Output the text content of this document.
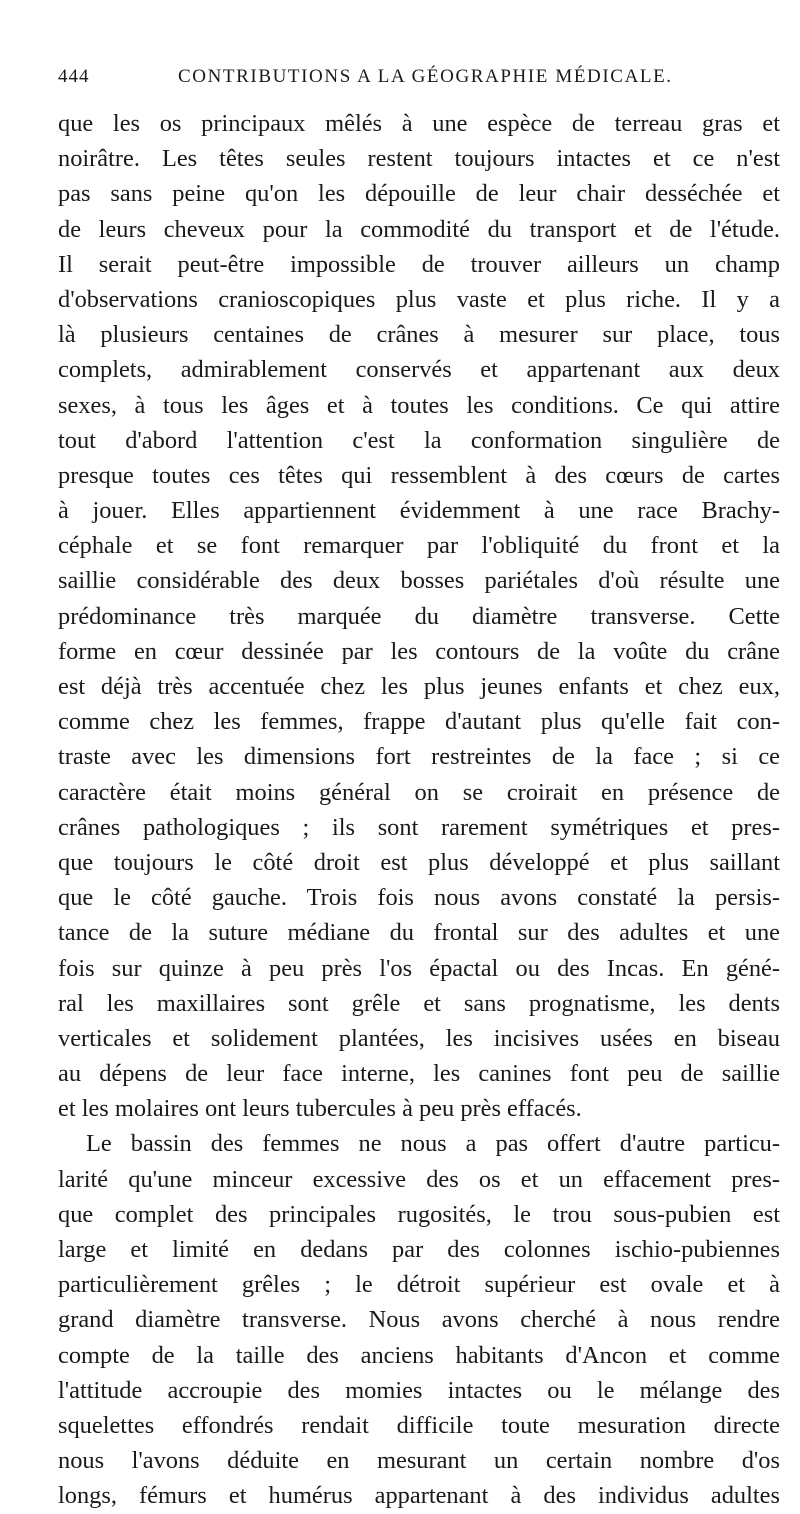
444	CONTRIBUTIONS A LA GÉOGRAPHIE MÉDICALE.
que les os principaux mêlés à une espèce de terreau gras et
noirâtre. Les têtes seules restent toujours intactes et ce n'est
pas sans peine qu'on les dépouille de leur chair desséchée et
de leurs cheveux pour la commodité du transport et de l'étude.
Il serait peut-être impossible de trouver ailleurs un champ
d'observations cranioscopiques plus vaste et plus riche. Il y a
là plusieurs centaines de crânes à mesurer sur place, tous
complets, admirablement conservés et appartenant aux deux
sexes, à tous les âges et à toutes les conditions. Ce qui attire
tout d'abord l'attention c'est la conformation singulière de
presque toutes ces têtes qui ressemblent à des cœurs de cartes
à jouer. Elles appartiennent évidemment à une race Brachy-
céphale et se font remarquer par l'obliquité du front et la
saillie considérable des deux bosses pariétales d'où résulte une
prédominance très marquée du diamètre transverse. Cette
forme en cœur dessinée par les contours de la voûte du crâne
est déjà très accentuée chez les plus jeunes enfants et chez eux,
comme chez les femmes, frappe d'autant plus qu'elle fait con-
traste avec les dimensions fort restreintes de la face ; si ce
caractère était moins général on se croirait en présence de
crânes pathologiques ; ils sont rarement symétriques et pres-
que toujours le côté droit est plus développé et plus saillant
que le côté gauche. Trois fois nous avons constaté la persis-
tance de la suture médiane du frontal sur des adultes et une
fois sur quinze à peu près l'os épactal ou des Incas. En géné-
ral les maxillaires sont grêle et sans prognatisme, les dents
verticales et solidement plantées, les incisives usées en biseau
au dépens de leur face interne, les canines font peu de saillie
et les molaires ont leurs tubercules à peu près effacés.
Le bassin des femmes ne nous a pas offert d'autre particu-
larité qu'une minceur excessive des os et un effacement pres-
que complet des principales rugosités, le trou sous-pubien est
large et limité en dedans par des colonnes ischio-pubiennes
particulièrement grêles ; le détroit supérieur est ovale et à
grand diamètre transverse. Nous avons cherché à nous rendre
compte de la taille des anciens habitants d'Ancon et comme
l'attitude accroupie des momies intactes ou le mélange des
squelettes effondrés rendait difficile toute mesuration directe
nous l'avons déduite en mesurant un certain nombre d'os
longs, fémurs et humérus appartenant à des individus adultes
